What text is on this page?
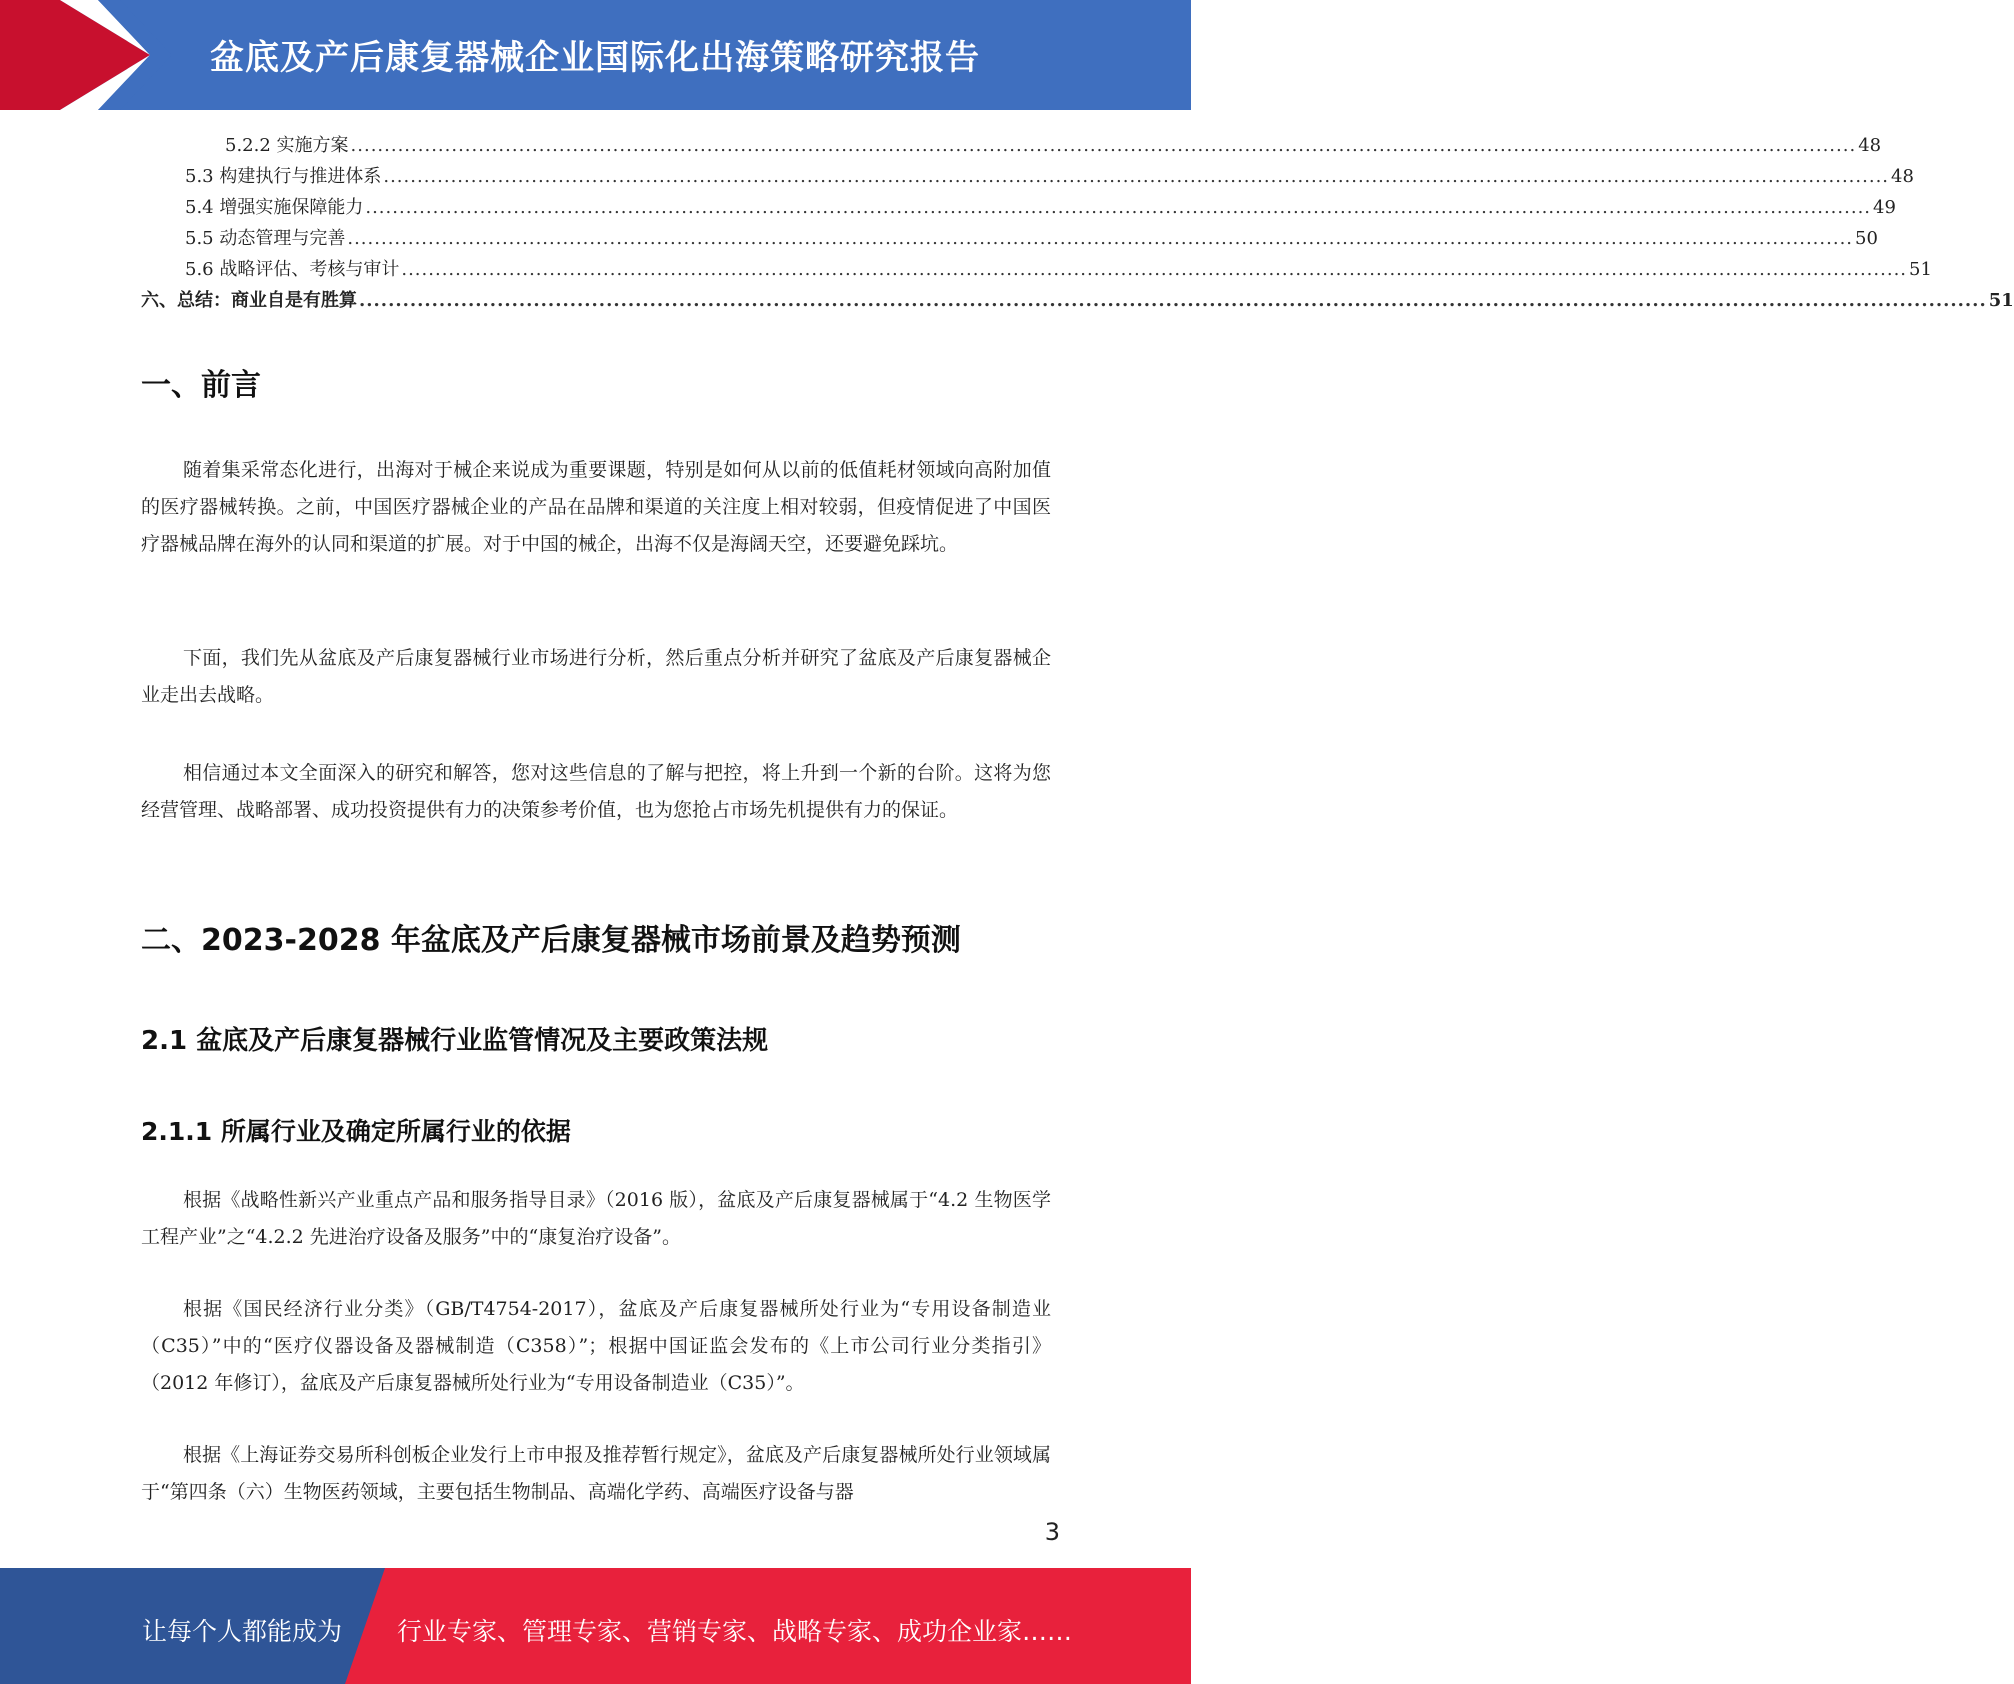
盆底及产后康复器械企业国际化出海策略研究报告
5.2.2 实施方案 ................................................................................................................................................................................................................................ 48
5.3 构建执行与推进体系 ................................................................................................................................................................................................................................ 48
5.4 增强实施保障能力 ................................................................................................................................................................................................................................ 49
5.5 动态管理与完善 ................................................................................................................................................................................................................................ 50
5.6 战略评估、考核与审计 ................................................................................................................................................................................................................................ 51
六、总结：商业自是有胜算 ................................................................................................................................................................................................................................ 51
一、前言

随着集采常态化进行，出海对于械企来说成为重要课题，特别是如何从以前的低值耗材领域向高附加值的医疗器械转换。之前，中国医疗器械企业的产品在品牌和渠道的关注度上相对较弱，但疫情促进了中国医疗器械品牌在海外的认同和渠道的扩展。对于中国的械企，出海不仅是海阔天空，还要避免踩坑。

下面，我们先从盆底及产后康复器械行业市场进行分析，然后重点分析并研究了盆底及产后康复器械企业走出去战略。

相信通过本文全面深入的研究和解答，您对这些信息的了解与把控，将上升到一个新的台阶。这将为您经营管理、战略部署、成功投资提供有力的决策参考价值，也为您抢占市场先机提供有力的保证。

二、2023-2028 年盆底及产后康复器械市场前景及趋势预测
2.1 盆底及产后康复器械行业监管情况及主要政策法规
2.1.1 所属行业及确定所属行业的依据

根据《战略性新兴产业重点产品和服务指导目录》（2016 版），盆底及产后康复器械属于“4.2 生物医学工程产业”之“4.2.2 先进治疗设备及服务”中的“康复治疗设备”。

根据《国民经济行业分类》（GB/T4754-2017），盆底及产后康复器械所处行业为“专用设备制造业（C35）”中的“医疗仪器设备及器械制造（C358）”；根据中国证监会发布的《上市公司行业分类指引》（2012 年修订），盆底及产后康复器械所处行业为“专用设备制造业（C35）”。

根据《上海证券交易所科创板企业发行上市申报及推荐暂行规定》，盆底及产后康复器械所处行业领域属于“第四条（六）生物医药领域，主要包括生物制品、高端化学药、高端医疗设备与器

3
让每个人都能成为 行业专家、管理专家、营销专家、战略专家、成功企业家……
